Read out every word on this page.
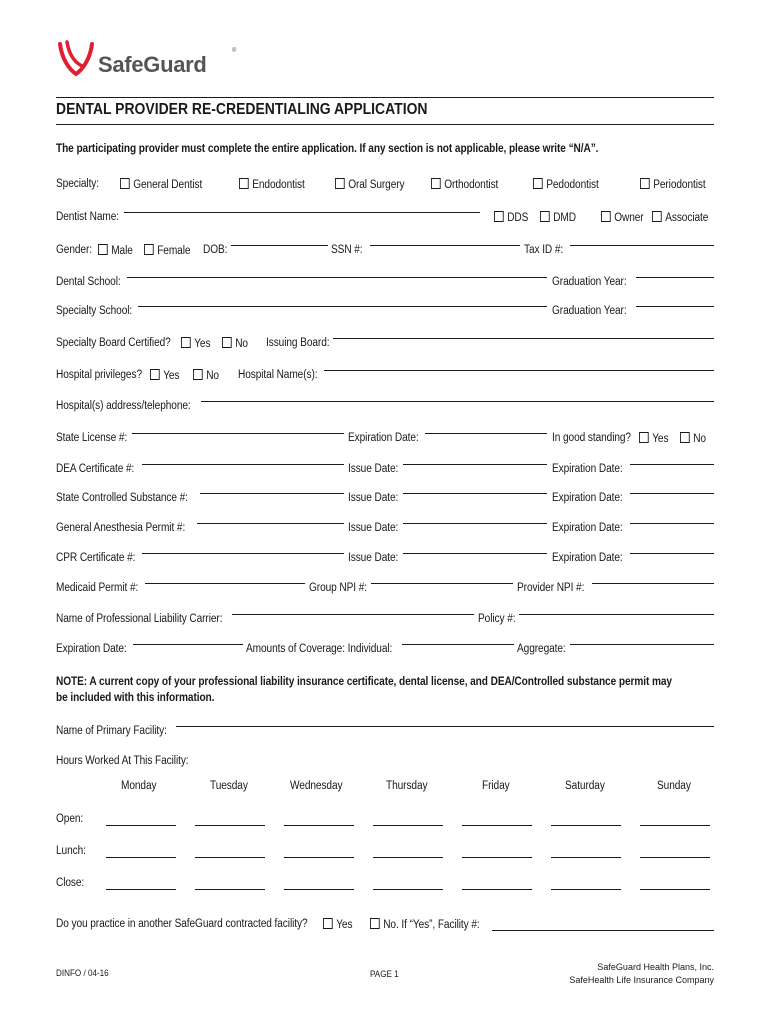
SafeGuard
®
DENTAL PROVIDER RE-CREDENTIALING APPLICATION
The participating provider must complete the entire application. If any section is not applicable, please write “N/A”.
Specialty:	General Dentist	Endodontist	Oral Surgery	Orthodontist	Pedodontist	Periodontist
Dentist Name:	DDS	DMD	Owner	Associate
Gender:	Male	Female DOB:	SSN #:	Tax ID #:
Dental School:	Graduation Year:
Specialty School:	Graduation Year:
Specialty Board Certified?	Yes	No Issuing Board:
Hospital privileges?	Yes	No Hospital Name(s):
Hospital(s) address/telephone:
State License #:	Expiration Date:	In good standing?	Yes	No
DEA Certificate #:	Issue Date:	Expiration Date:
State Controlled Substance #:	Issue Date:	Expiration Date:
General Anesthesia Permit #:	Issue Date:	Expiration Date:
CPR Certificate #:	Issue Date:	Expiration Date:
Medicaid Permit #:	Group NPI #:	Provider NPI #:
Name of Professional Liability Carrier:	Policy #:
Expiration Date:	Amounts of Coverage: Individual:	Aggregate:
NOTE: A current copy of your professional liability insurance certificate, dental license, and DEA/Controlled substance permit may
be included with this information.
Name of Primary Facility:
Hours Worked At This Facility:
Monday	Tuesday	Wednesday	Thursday	Friday	Saturday	Sunday
Open:
Lunch:
Close:
Do you practice in another SafeGuard contracted facility?	Yes	No. If “Yes”, Facility #:
DINFO / 04-16	PAGE 1
SafeGuard Health Plans, Inc.
SafeHealth Life Insurance Company
